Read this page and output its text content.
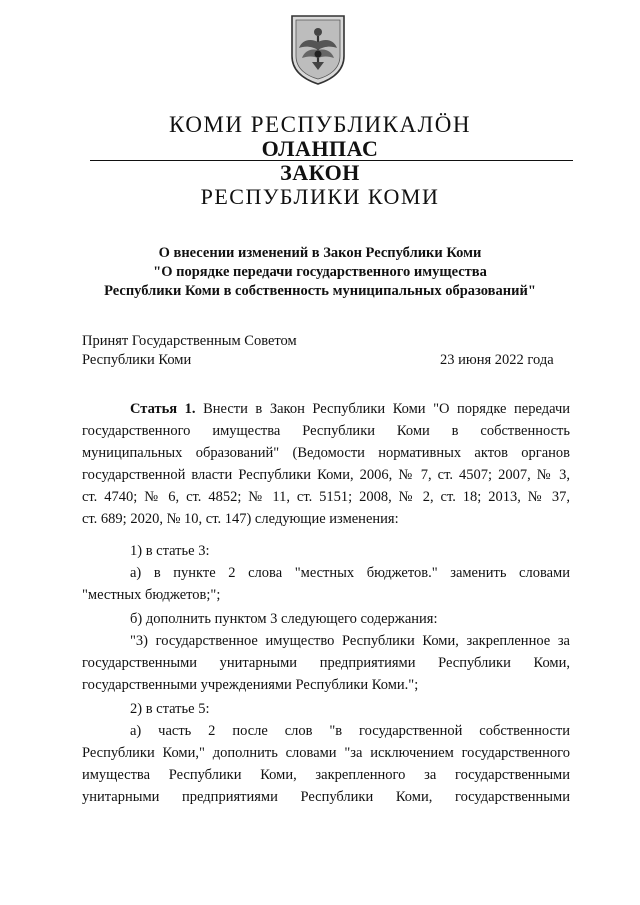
КОМИ РЕСПУБЛИКАЛÖН
ОЛАНПАС
ЗАКОН
РЕСПУБЛИКИ КОМИ
О внесении изменений в Закон Республики Коми
"О порядке передачи государственного имущества
Республики Коми в собственность муниципальных образований"
Принят Государственным Советом
Республики Коми	23 июня 2022 года
Статья 1. Внести в Закон Республики Коми "О порядке передачи
государственного имущества Республики Коми в собственность
муниципальных образований" (Ведомости нормативных актов органов
государственной власти Республики Коми, 2006, № 7, ст. 4507; 2007, № 3,
ст. 4740; № 6, ст. 4852; № 11, ст. 5151; 2008, № 2, ст. 18; 2013, № 37,
ст. 689; 2020, № 10, ст. 147) следующие изменения:
1) в статье 3:
а) в пункте 2 слова "местных бюджетов." заменить словами
"местных бюджетов;";
б) дополнить пунктом 3 следующего содержания:
"3) государственное имущество Республики Коми, закрепленное за
государственными унитарными предприятиями Республики Коми,
государственными учреждениями Республики Коми.";
2) в статье 5:
а) часть 2 после слов "в государственной собственности
Республики Коми," дополнить словами "за исключением государственного
имущества Республики Коми, закрепленного за государственными
унитарными предприятиями Республики Коми, государственными
